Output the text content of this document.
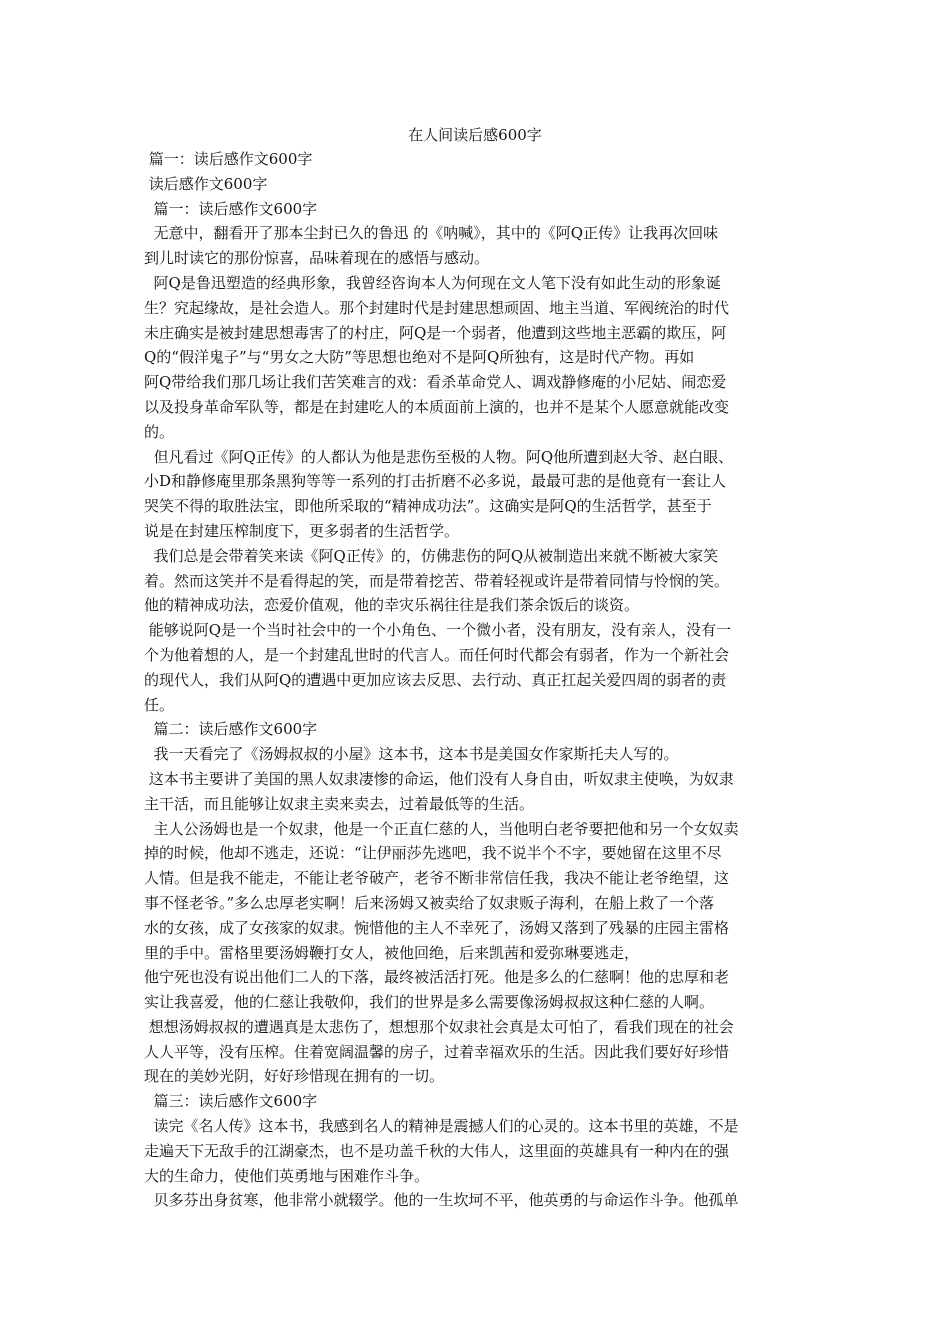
在人间读后感600字

篇一：读后感作文600字

读后感作文600字

篇一：读后感作文600字

无意中，翻看开了那本尘封已久的鲁迅 的《呐喊》，其中的《阿Q正传》让我再次回味

到儿时读它的那份惊喜，品味着现在的感悟与感动。

阿Q是鲁迅塑造的经典形象，我曾经咨询本人为何现在文人笔下没有如此生动的形象诞

生？究起缘故，是社会造人。那个封建时代是封建思想顽固、地主当道、军阀统治的时代

未庄确实是被封建思想毒害了的村庄，阿Q是一个弱者，他遭到这些地主恶霸的欺压，阿

Q的“假洋鬼子”与“男女之大防”等思想也绝对不是阿Q所独有，这是时代产物。再如

阿Q带给我们那几场让我们苦笑难言的戏：看杀革命党人、调戏静修庵的小尼姑、闹恋爱

以及投身革命军队等，都是在封建吃人的本质面前上演的，也并不是某个人愿意就能改变

的。

但凡看过《阿Q正传》的人都认为他是悲伤至极的人物。阿Q他所遭到赵大爷、赵白眼、

小D和静修庵里那条黑狗等等一系列的打击折磨不必多说，最最可悲的是他竟有一套让人

哭笑不得的取胜法宝，即他所采取的“精神成功法”。这确实是阿Q的生活哲学，甚至于

说是在封建压榨制度下，更多弱者的生活哲学。

我们总是会带着笑来读《阿Q正传》的，仿佛悲伤的阿Q从被制造出来就不断被大家笑

着。然而这笑并不是看得起的笑，而是带着挖苦、带着轻视或许是带着同情与怜悯的笑。

他的精神成功法，恋爱价值观，他的幸灾乐祸往往是我们茶余饭后的谈资。

能够说阿Q是一个当时社会中的一个小角色、一个微小者，没有朋友，没有亲人，没有一

个为他着想的人，是一个封建乱世时的代言人。而任何时代都会有弱者，作为一个新社会

的现代人，我们从阿Q的遭遇中更加应该去反思、去行动、真正扛起关爱四周的弱者的责

任。

篇二：读后感作文600字

我一天看完了《汤姆叔叔的小屋》这本书，这本书是美国女作家斯托夫人写的。

这本书主要讲了美国的黑人奴隶凄惨的命运，他们没有人身自由，听奴隶主使唤，为奴隶

主干活，而且能够让奴隶主卖来卖去，过着最低等的生活。

主人公汤姆也是一个奴隶，他是一个正直仁慈的人，当他明白老爷要把他和另一个女奴卖

掉的时候，他却不逃走，还说：“让伊丽莎先逃吧，我不说半个不字，要她留在这里不尽

人情。但是我不能走，不能让老爷破产，老爷不断非常信任我，我决不能让老爷绝望，这

事不怪老爷。”多么忠厚老实啊！后来汤姆又被卖给了奴隶贩子海利，在船上救了一个落

水的女孩，成了女孩家的奴隶。惋惜他的主人不幸死了，汤姆又落到了残暴的庄园主雷格

里的手中。雷格里要汤姆鞭打女人，被他回绝，后来凯茜和爱弥琳要逃走，

他宁死也没有说出他们二人的下落，最终被活活打死。他是多么的仁慈啊！他的忠厚和老

实让我喜爱，他的仁慈让我敬仰，我们的世界是多么需要像汤姆叔叔这种仁慈的人啊。

想想汤姆叔叔的遭遇真是太悲伤了，想想那个奴隶社会真是太可怕了，看我们现在的社会

人人平等，没有压榨。住着宽阔温馨的房子，过着幸福欢乐的生活。因此我们要好好珍惜

现在的美妙光阴，好好珍惜现在拥有的一切。

篇三：读后感作文600字

读完《名人传》这本书，我感到名人的精神是震撼人们的心灵的。这本书里的英雄，不是

走遍天下无敌手的江湖豪杰，也不是功盖千秋的大伟人，这里面的英雄具有一种内在的强

大的生命力，使他们英勇地与困难作斗争。

贝多芬出身贫寒，他非常小就辍学。他的一生坎坷不平，他英勇的与命运作斗争。他孤单
